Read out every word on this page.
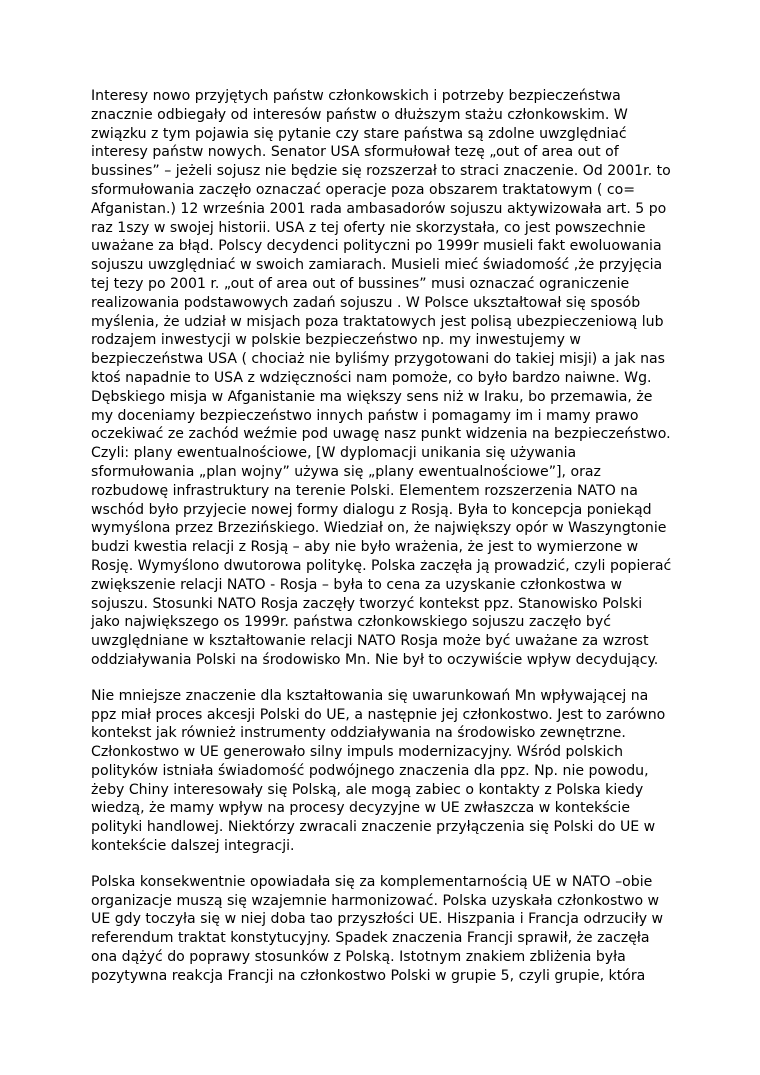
Interesy nowo przyjętych państw członkowskich i potrzeby bezpieczeństwa
znacznie odbiegały od interesów państw o dłuższym stażu członkowskim. W
związku z tym pojawia się pytanie czy stare państwa są zdolne uwzględniać
interesy państw nowych. Senator USA sformułował tezę „out of area out of
bussines” – jeżeli sojusz nie będzie się rozszerzał to straci znaczenie. Od 2001r. to
sformułowania zaczęło oznaczać operacje poza obszarem traktatowym ( co=
Afganistan.) 12 września 2001 rada ambasadorów sojuszu aktywizowała art. 5 po
raz 1szy w swojej historii. USA z tej oferty nie skorzystała, co jest powszechnie
uważane za błąd. Polscy decydenci polityczni po 1999r musieli fakt ewoluowania
sojuszu uwzględniać w swoich zamiarach. Musieli mieć świadomość ,że przyjęcia
tej tezy po 2001 r. „out of area out of bussines” musi oznaczać ograniczenie
realizowania podstawowych zadań sojuszu . W Polsce ukształtował się sposób
myślenia, że udział w misjach poza traktatowych jest polisą ubezpieczeniową lub
rodzajem inwestycji w polskie bezpieczeństwo np. my inwestujemy w
bezpieczeństwa USA ( chociaż nie byliśmy przygotowani do takiej misji) a jak nas
ktoś napadnie to USA z wdzięczności nam pomoże, co było bardzo naiwne. Wg.
Dębskiego misja w Afganistanie ma większy sens niż w Iraku, bo przemawia, że
my doceniamy bezpieczeństwo innych państw i pomagamy im i mamy prawo
oczekiwać ze zachód weźmie pod uwagę nasz punkt widzenia na bezpieczeństwo.
Czyli: plany ewentualnościowe, [W dyplomacji unikania się używania
sformułowania „plan wojny” używa się „plany ewentualnościowe”], oraz
rozbudowę infrastruktury na terenie Polski. Elementem rozszerzenia NATO na
wschód było przyjecie nowej formy dialogu z Rosją. Była to koncepcja poniekąd
wymyślona przez Brzezińskiego. Wiedział on, że największy opór w Waszyngtonie
budzi kwestia relacji z Rosją – aby nie było wrażenia, że jest to wymierzone w
Rosję. Wymyślono dwutorowa politykę. Polska zaczęła ją prowadzić, czyli popierać
zwiększenie relacji NATO - Rosja – była to cena za uzyskanie członkostwa w
sojuszu. Stosunki NATO Rosja zaczęły tworzyć kontekst ppz. Stanowisko Polski
jako największego os 1999r. państwa członkowskiego sojuszu zaczęło być
uwzględniane w kształtowanie relacji NATO Rosja może być uważane za wzrost
oddziaływania Polski na środowisko Mn. Nie był to oczywiście wpływ decydujący.

Nie mniejsze znaczenie dla kształtowania się uwarunkowań Mn wpływającej na
ppz miał proces akcesji Polski do UE, a następnie jej członkostwo. Jest to zarówno
kontekst jak również instrumenty oddziaływania na środowisko zewnętrzne.
Członkostwo w UE generowało silny impuls modernizacyjny. Wśród polskich
polityków istniała świadomość podwójnego znaczenia dla ppz. Np. nie powodu,
żeby Chiny interesowały się Polską, ale mogą zabiec o kontakty z Polska kiedy
wiedzą, że mamy wpływ na procesy decyzyjne w UE zwłaszcza w kontekście
polityki handlowej. Niektórzy zwracali znaczenie przyłączenia się Polski do UE w
kontekście dalszej integracji.

Polska konsekwentnie opowiadała się za komplementarnością UE w NATO –obie
organizacje muszą się wzajemnie harmonizować. Polska uzyskała członkostwo w
UE gdy toczyła się w niej doba tao przyszłości UE. Hiszpania i Francja odrzuciły w
referendum traktat konstytucyjny. Spadek znaczenia Francji sprawił, że zaczęła
ona dążyć do poprawy stosunków z Polską. Istotnym znakiem zbliżenia była
pozytywna reakcja Francji na członkostwo Polski w grupie 5, czyli grupie, która
